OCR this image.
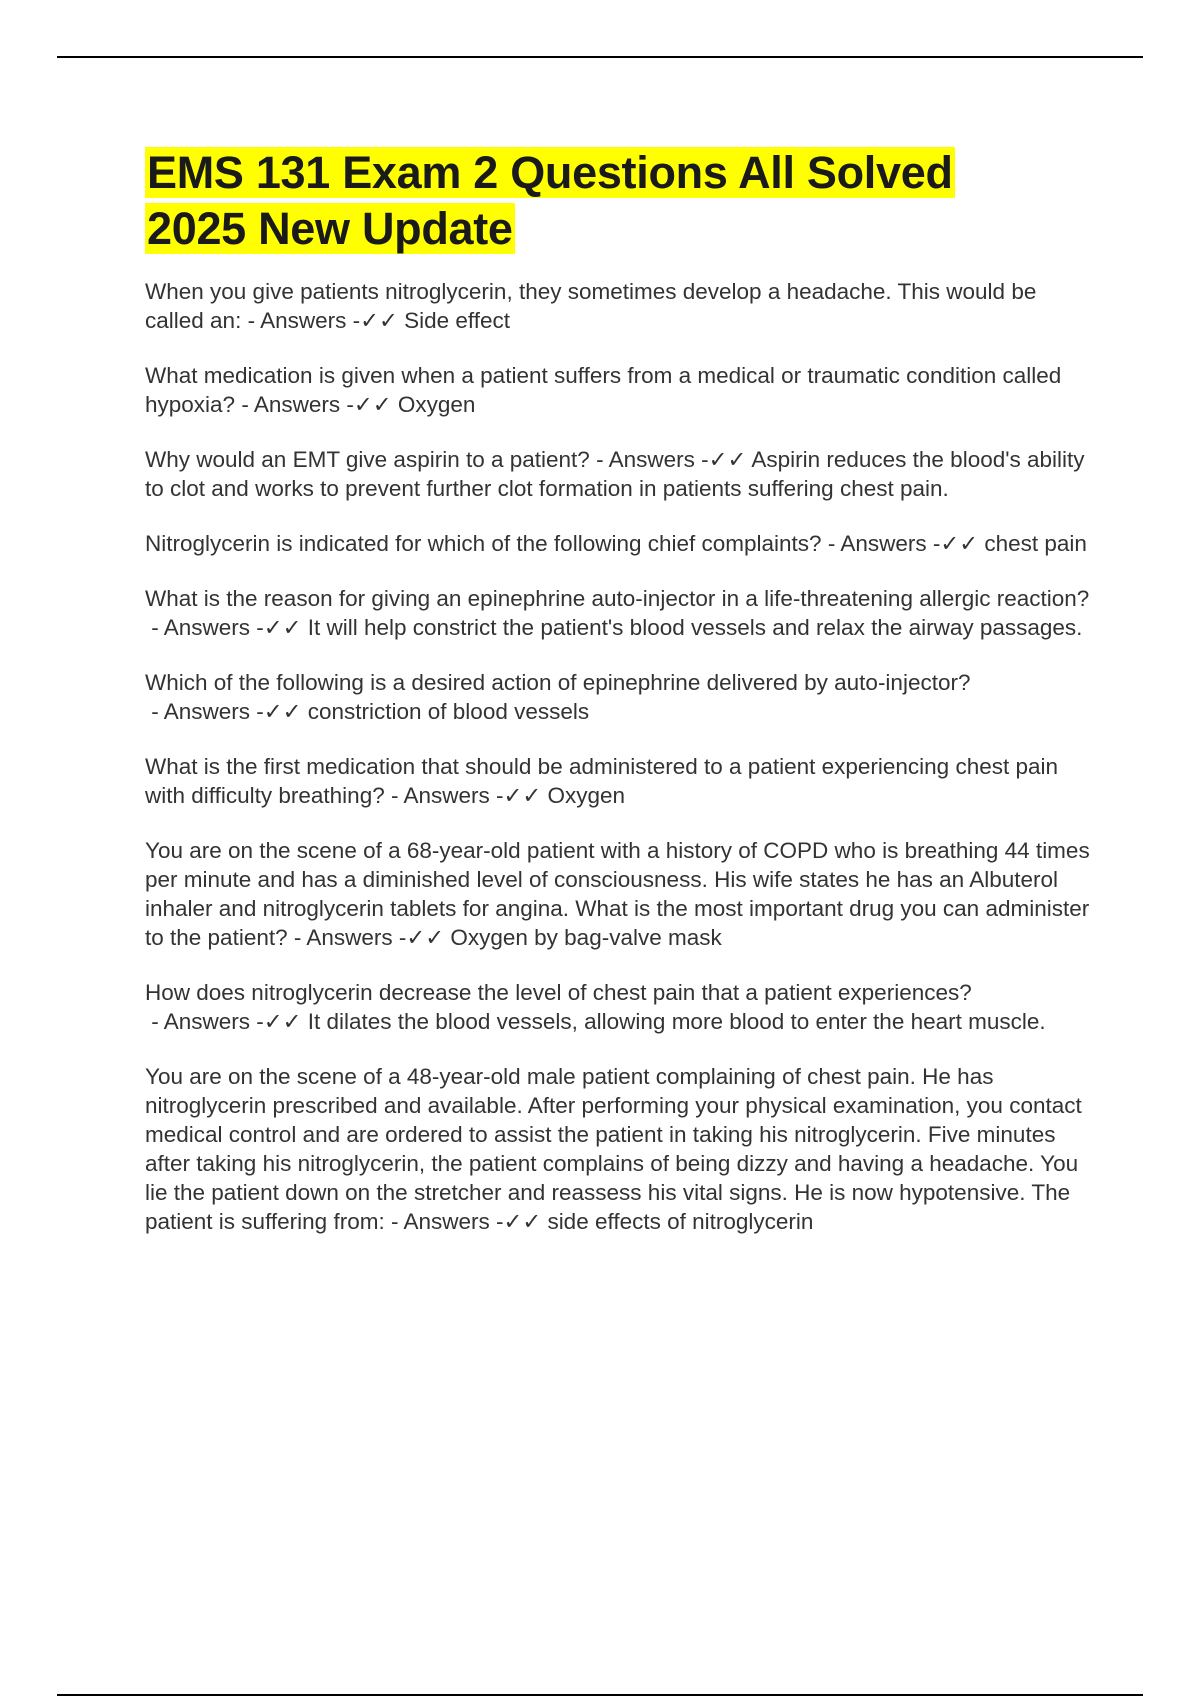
EMS 131 Exam 2 Questions All Solved
2025 New Update

When you give patients nitroglycerin, they sometimes develop a headache. This would be called an: - Answers -✓✓ Side effect

What medication is given when a patient suffers from a medical or traumatic condition called hypoxia? - Answers -✓✓ Oxygen

Why would an EMT give aspirin to a patient? - Answers -✓✓ Aspirin reduces the blood's ability to clot and works to prevent further clot formation in patients suffering chest pain.

Nitroglycerin is indicated for which of the following chief complaints? - Answers -✓✓ chest pain

What is the reason for giving an epinephrine auto-injector in a life-threatening allergic reaction? - Answers -✓✓ It will help constrict the patient's blood vessels and relax the airway passages.

Which of the following is a desired action of epinephrine delivered by auto-injector? - Answers -✓✓ constriction of blood vessels

What is the first medication that should be administered to a patient experiencing chest pain with difficulty breathing? - Answers -✓✓ Oxygen

You are on the scene of a 68-year-old patient with a history of COPD who is breathing 44 times per minute and has a diminished level of consciousness. His wife states he has an Albuterol inhaler and nitroglycerin tablets for angina. What is the most important drug you can administer to the patient? - Answers -✓✓ Oxygen by bag-valve mask

How does nitroglycerin decrease the level of chest pain that a patient experiences? - Answers -✓✓ It dilates the blood vessels, allowing more blood to enter the heart muscle.

You are on the scene of a 48-year-old male patient complaining of chest pain. He has nitroglycerin prescribed and available. After performing your physical examination, you contact medical control and are ordered to assist the patient in taking his nitroglycerin. Five minutes after taking his nitroglycerin, the patient complains of being dizzy and having a headache. You lie the patient down on the stretcher and reassess his vital signs. He is now hypotensive. The patient is suffering from: - Answers -✓✓ side effects of nitroglycerin
